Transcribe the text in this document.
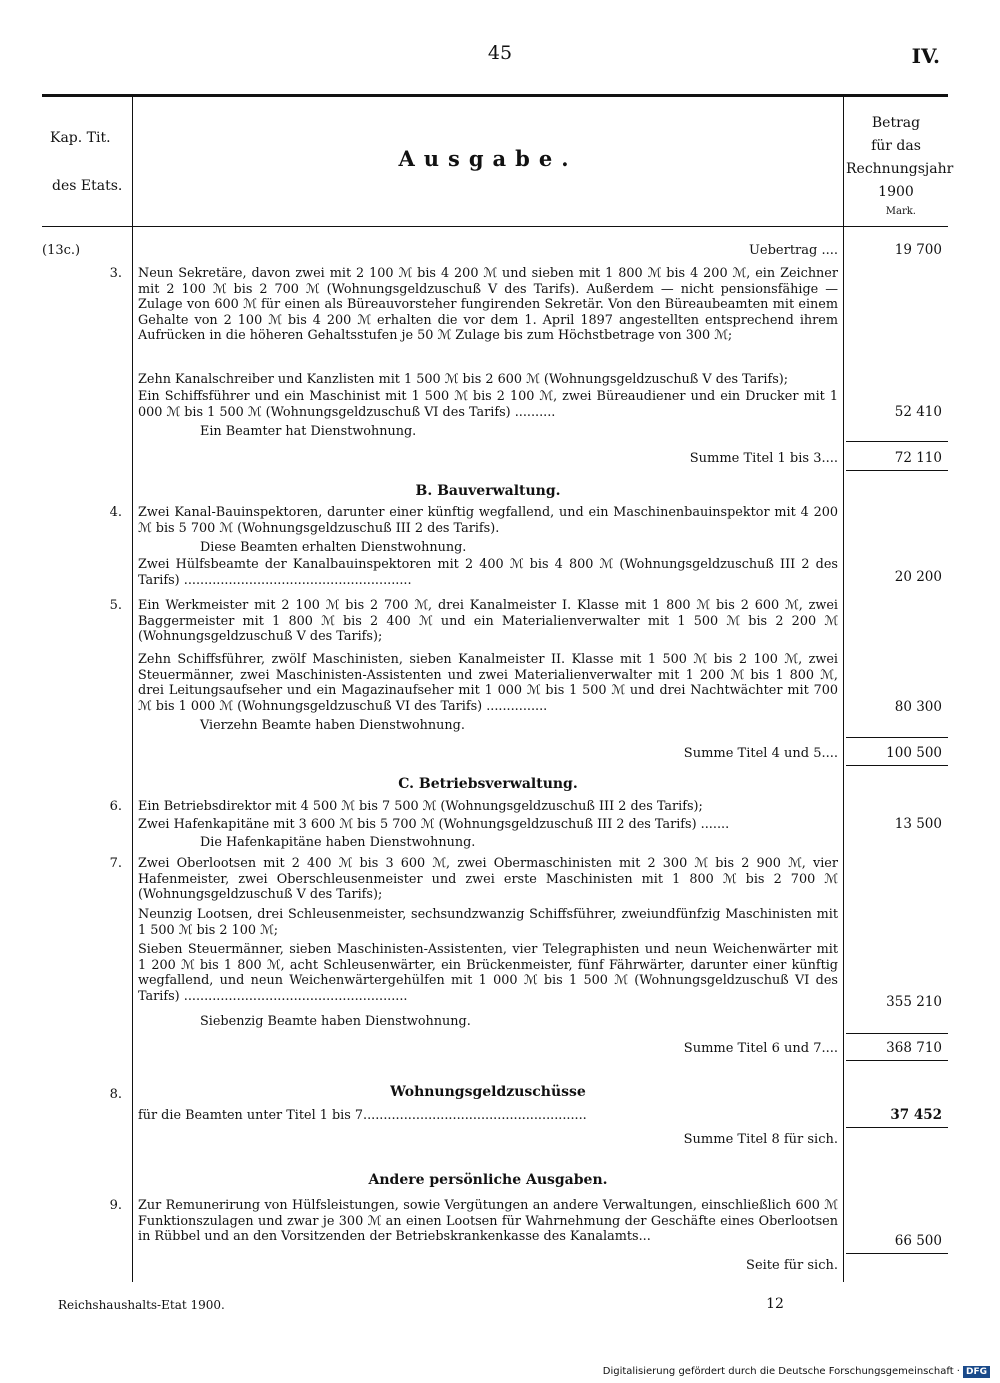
45	IV.
Kap. Tit.
des Etats.
Ausgabe.
Betrag
für das
Rechnungsjahr
1900
Mark.
(13c.)	Uebertrag ....	19 700
3. Neun Sekretäre, davon zwei mit 2 100 ℳ bis 4 200 ℳ und sieben mit 1 800 ℳ bis 4 200 ℳ, ein Zeichner mit 2 100 ℳ bis 2 700 ℳ (Wohnungsgeldzuschuß V des Tarifs). Außerdem — nicht pensionsfähige — Zulage von 600 ℳ für einen als Büreauvorsteher fungirenden Sekretär. Von den Büreaubeamten mit einem Gehalte von 2 100 ℳ bis 4 200 ℳ erhalten die vor dem 1. April 1897 angestellten entsprechend ihrem Aufrücken in die höheren Gehaltsstufen je 50 ℳ Zulage bis zum Höchstbetrage von 300 ℳ;
Zehn Kanalschreiber und Kanzlisten mit 1 500 ℳ bis 2 600 ℳ (Wohnungsgeldzuschuß V des Tarifs);
Ein Schiffsführer und ein Maschinist mit 1 500 ℳ bis 2 100 ℳ, zwei Büreaudiener und ein Drucker mit 1 000 ℳ bis 1 500 ℳ (Wohnungsgeldzuschuß VI des Tarifs) ..........	52 410
Ein Beamter hat Dienstwohnung.
Summe Titel 1 bis 3....	72 110
B. Bauverwaltung.
4. Zwei Kanal-Bauinspektoren, darunter einer künftig wegfallend, und ein Maschinenbauinspektor mit 4 200 ℳ bis 5 700 ℳ (Wohnungsgeldzuschuß III 2 des Tarifs).
Diese Beamten erhalten Dienstwohnung.
Zwei Hülfsbeamte der Kanalbauinspektoren mit 2 400 ℳ bis 4 800 ℳ (Wohnungsgeldzuschuß III 2 des Tarifs) ........................................................	20 200
5. Ein Werkmeister mit 2 100 ℳ bis 2 700 ℳ, drei Kanalmeister I. Klasse mit 1 800 ℳ bis 2 600 ℳ, zwei Baggermeister mit 1 800 ℳ bis 2 400 ℳ und ein Materialienverwalter mit 1 500 ℳ bis 2 200 ℳ (Wohnungsgeldzuschuß V des Tarifs);
Zehn Schiffsführer, zwölf Maschinisten, sieben Kanalmeister II. Klasse mit 1 500 ℳ bis 2 100 ℳ, zwei Steuermänner, zwei Maschinisten-Assistenten und zwei Materialienverwalter mit 1 200 ℳ bis 1 800 ℳ, drei Leitungsaufseher und ein Magazinaufseher mit 1 000 ℳ bis 1 500 ℳ und drei Nachtwächter mit 700 ℳ bis 1 000 ℳ (Wohnungsgeldzuschuß VI des Tarifs) ...............	80 300
Vierzehn Beamte haben Dienstwohnung.
Summe Titel 4 und 5....	100 500
C. Betriebsverwaltung.
6. Ein Betriebsdirektor mit 4 500 ℳ bis 7 500 ℳ (Wohnungsgeldzuschuß III 2 des Tarifs);
Zwei Hafenkapitäne mit 3 600 ℳ bis 5 700 ℳ (Wohnungsgeldzuschuß III 2 des Tarifs) .......	13 500
Die Hafenkapitäne haben Dienstwohnung.
7. Zwei Oberlootsen mit 2 400 ℳ bis 3 600 ℳ, zwei Obermaschinisten mit 2 300 ℳ bis 2 900 ℳ, vier Hafenmeister, zwei Oberschleusenmeister und zwei erste Maschinisten mit 1 800 ℳ bis 2 700 ℳ (Wohnungsgeldzuschuß V des Tarifs);
Neunzig Lootsen, drei Schleusenmeister, sechsundzwanzig Schiffsführer, zweiundfünfzig Maschinisten mit 1 500 ℳ bis 2 100 ℳ;
Sieben Steuermänner, sieben Maschinisten-Assistenten, vier Telegraphisten und neun Weichenwärter mit 1 200 ℳ bis 1 800 ℳ, acht Schleusenwärter, ein Brückenmeister, fünf Fährwärter, darunter einer künftig wegfallend, und neun Weichenwärtergehülfen mit 1 000 ℳ bis 1 500 ℳ (Wohnungsgeldzuschuß VI des Tarifs) .......................................................	355 210
Siebenzig Beamte haben Dienstwohnung.
Summe Titel 6 und 7....	368 710
8.	Wohnungsgeldzuschüsse
für die Beamten unter Titel 1 bis 7.......................................................	37 452
Summe Titel 8 für sich.
Andere persönliche Ausgaben.
9. Zur Remunerirung von Hülfsleistungen, sowie Vergütungen an andere Verwaltungen, einschließlich 600 ℳ Funktionszulagen und zwar je 300 ℳ an einen Lootsen für Wahrnehmung der Geschäfte eines Oberlootsen in Rübbel und an den Vorsitzenden der Betriebskrankenkasse des Kanalamts...	66 500
Seite für sich.
Reichshaushalts-Etat 1900.	12
Digitalisierung gefördert durch die Deutsche Forschungsgemeinschaft · DFG
